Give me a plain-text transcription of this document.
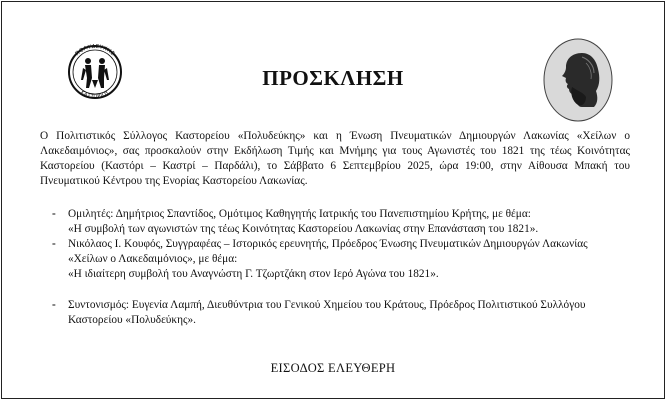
ΠΟΛΥΔΕΥΚΗΣ
ΚΑΣΤΟΡΙΟΥ
ΠΡΟΣΚΛΗΣΗ
Ο Πολιτιστικός Σύλλογος Καστορείου «Πολυδεύκης» και η Ένωση Πνευματικών Δημιουργών Λακωνίας «Χείλων ο Λακεδαιμόνιος», σας προσκαλούν στην Εκδήλωση Τιμής και Μνήμης για τους Αγωνιστές του 1821 της τέως Κοινότητας Καστορείου (Καστόρι – Καστρί – Παρδάλι), το Σάββατο 6 Σεπτεμβρίου 2025, ώρα 19:00, στην Αίθουσα Μπακή του Πνευματικού Κέντρου της Ενορίας Καστορείου Λακωνίας.
- Ομιλητές: Δημήτριος Σπαντίδος, Ομότιμος Καθηγητής Ιατρικής του Πανεπιστημίου Κρήτης, με θέμα:
«Η συμβολή των αγωνιστών της τέως Κοινότητας Καστορείου Λακωνίας στην Επανάσταση του 1821».
- Νικόλαος Ι. Κουφός, Συγγραφέας – Ιστορικός ερευνητής, Πρόεδρος Ένωσης Πνευματικών Δημιουργών Λακωνίας
«Χείλων ο Λακεδαιμόνιος», με θέμα:
«Η ιδιαίτερη συμβολή του Αναγνώστη Γ. Τζωρτζάκη στον Ιερό Αγώνα του 1821».
- Συντονισμός: Ευγενία Λαμπή, Διευθύντρια του Γενικού Χημείου του Κράτους, Πρόεδρος Πολιτιστικού Συλλόγου
Καστορείου «Πολυδεύκης».
ΕΙΣΟΔΟΣ ΕΛΕΥΘΕΡΗ
